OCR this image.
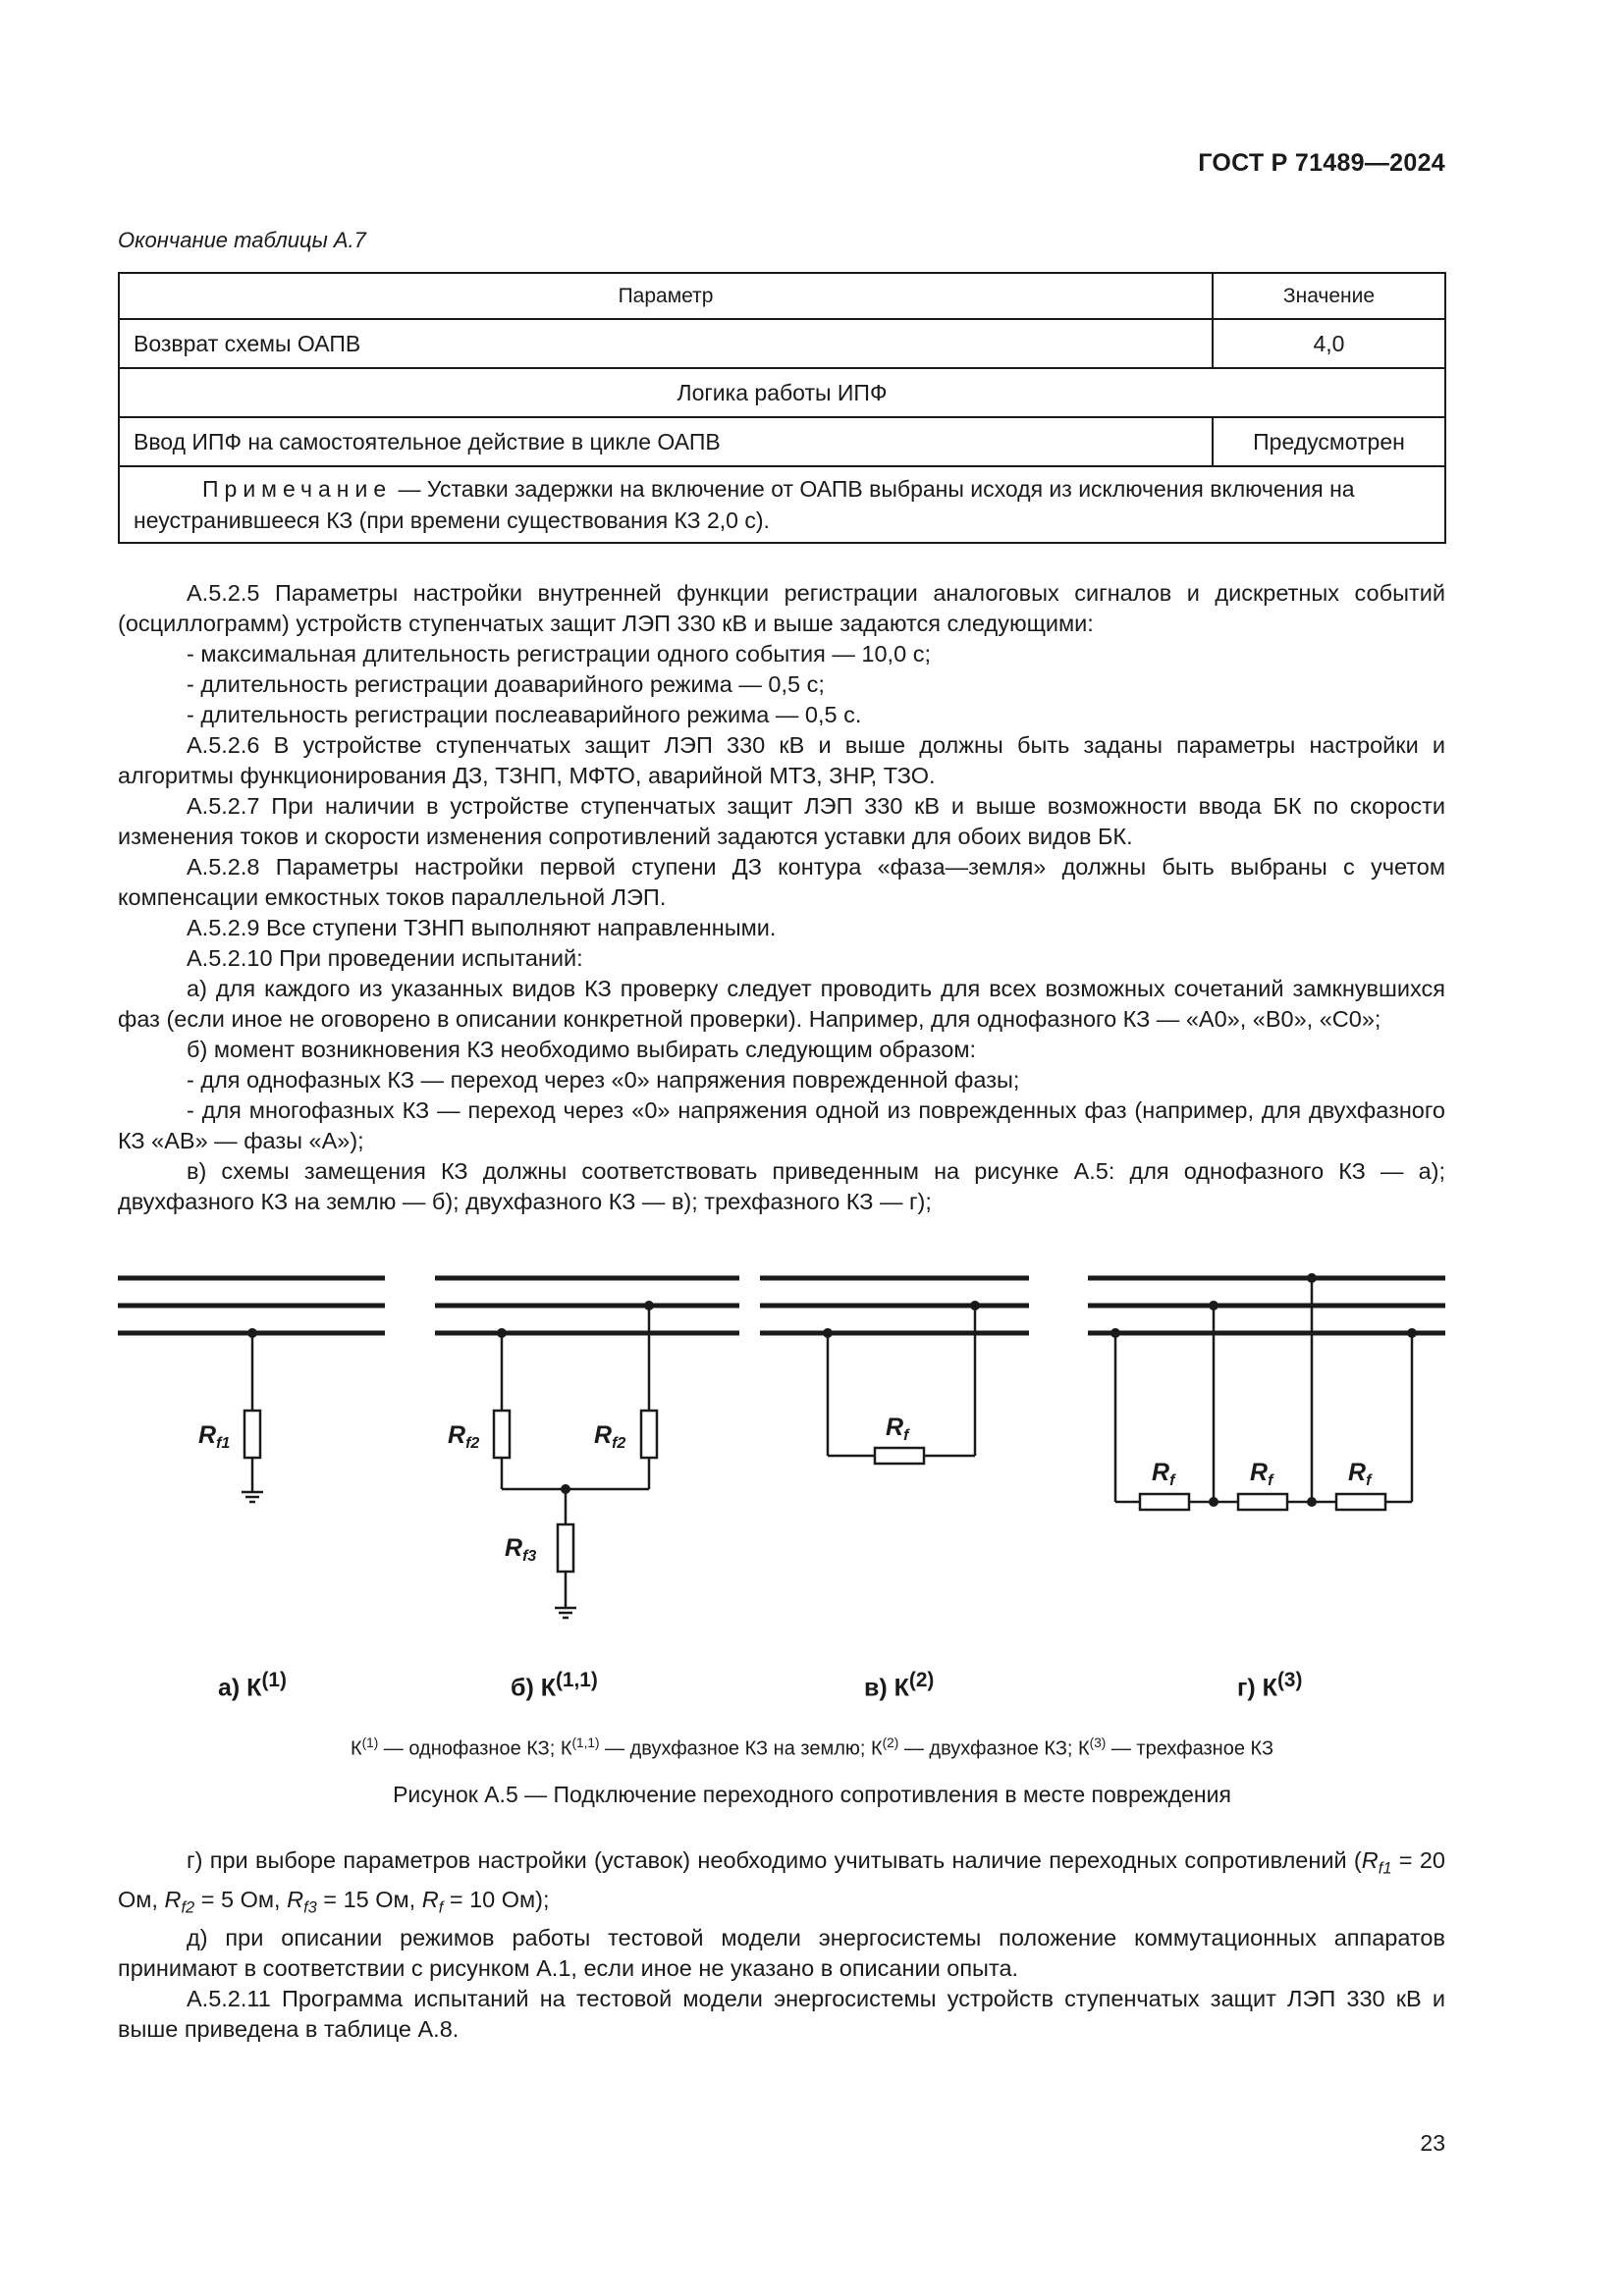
ГОСТ Р 71489—2024
Окончание таблицы А.7
Параметр	Значение
Возврат схемы ОАПВ	4,0
Логика работы ИПФ	
Ввод ИПФ на самостоятельное действие в цикле ОАПВ	Предусмотрен
Примечание — Уставки задержки на включение от ОАПВ выбраны исходя из исключения включения на неустранившееся КЗ (при времени существования КЗ 2,0 с).	

А.5.2.5 Параметры настройки внутренней функции регистрации аналоговых сигналов и дискретных событий (осциллограмм) устройств ступенчатых защит ЛЭП 330 кВ и выше задаются следующими:

- максимальная длительность регистрации одного события — 10,0 с;

- длительность регистрации доаварийного режима — 0,5 с;

- длительность регистрации послеаварийного режима — 0,5 с.

А.5.2.6 В устройстве ступенчатых защит ЛЭП 330 кВ и выше должны быть заданы параметры настройки и алгоритмы функционирования ДЗ, ТЗНП, МФТО, аварийной МТЗ, ЗНР, ТЗО.

А.5.2.7 При наличии в устройстве ступенчатых защит ЛЭП 330 кВ и выше возможности ввода БК по скорости изменения токов и скорости изменения сопротивлений задаются уставки для обоих видов БК.

А.5.2.8 Параметры настройки первой ступени ДЗ контура «фаза—земля» должны быть выбраны с учетом компенсации емкостных токов параллельной ЛЭП.

А.5.2.9 Все ступени ТЗНП выполняют направленными.

А.5.2.10 При проведении испытаний:

а) для каждого из указанных видов КЗ проверку следует проводить для всех возможных сочетаний замкнувшихся фаз (если иное не оговорено в описании конкретной проверки). Например, для однофазного КЗ — «А0», «В0», «С0»;

б) момент возникновения КЗ необходимо выбирать следующим образом:

- для однофазных КЗ — переход через «0» напряжения поврежденной фазы;

- для многофазных КЗ — переход через «0» напряжения одной из поврежденных фаз (например, для двухфазного КЗ «АВ» — фазы «А»);

в) схемы замещения КЗ должны соответствовать приведенным на рисунке А.5: для однофазного КЗ — а); двухфазного КЗ на землю — б); двухфазного КЗ — в); трехфазного КЗ — г);

$R_{f1}$	$R_{f2}$	$R_{f2}$
$R_{f3}$
$R_f$
$R_f$	$R_f$	$R_f$
а) $К^{(1)}$	б) К$^{(1,1)}$	в) $К^{(2)}$	г) $К^{(3)}$
$К^{(1)}$ — однофазное КЗ; К$^{(1,1)}$ — двухфазное КЗ на землю; $К^{(2)}$ — двухфазное КЗ; $К^{(3)}$ — трехфазное КЗ
Рисунок А.5 — Подключение переходного сопротивления в месте повреждения

г) при выборе параметров настройки (уставок) необходимо учитывать наличие переходных сопротивлений ($R_{f1} = 20$ Ом, $R_{f2} = 5$ Ом, $R_{f3} = 15$ Ом, $R_f = 10$ Ом);

д) при описании режимов работы тестовой модели энергосистемы положение коммутационных аппаратов принимают в соответствии с рисунком А.1, если иное не указано в описании опыта.

А.5.2.11 Программа испытаний на тестовой модели энергосистемы устройств ступенчатых защит ЛЭП 330 кВ и выше приведена в таблице А.8.

23
